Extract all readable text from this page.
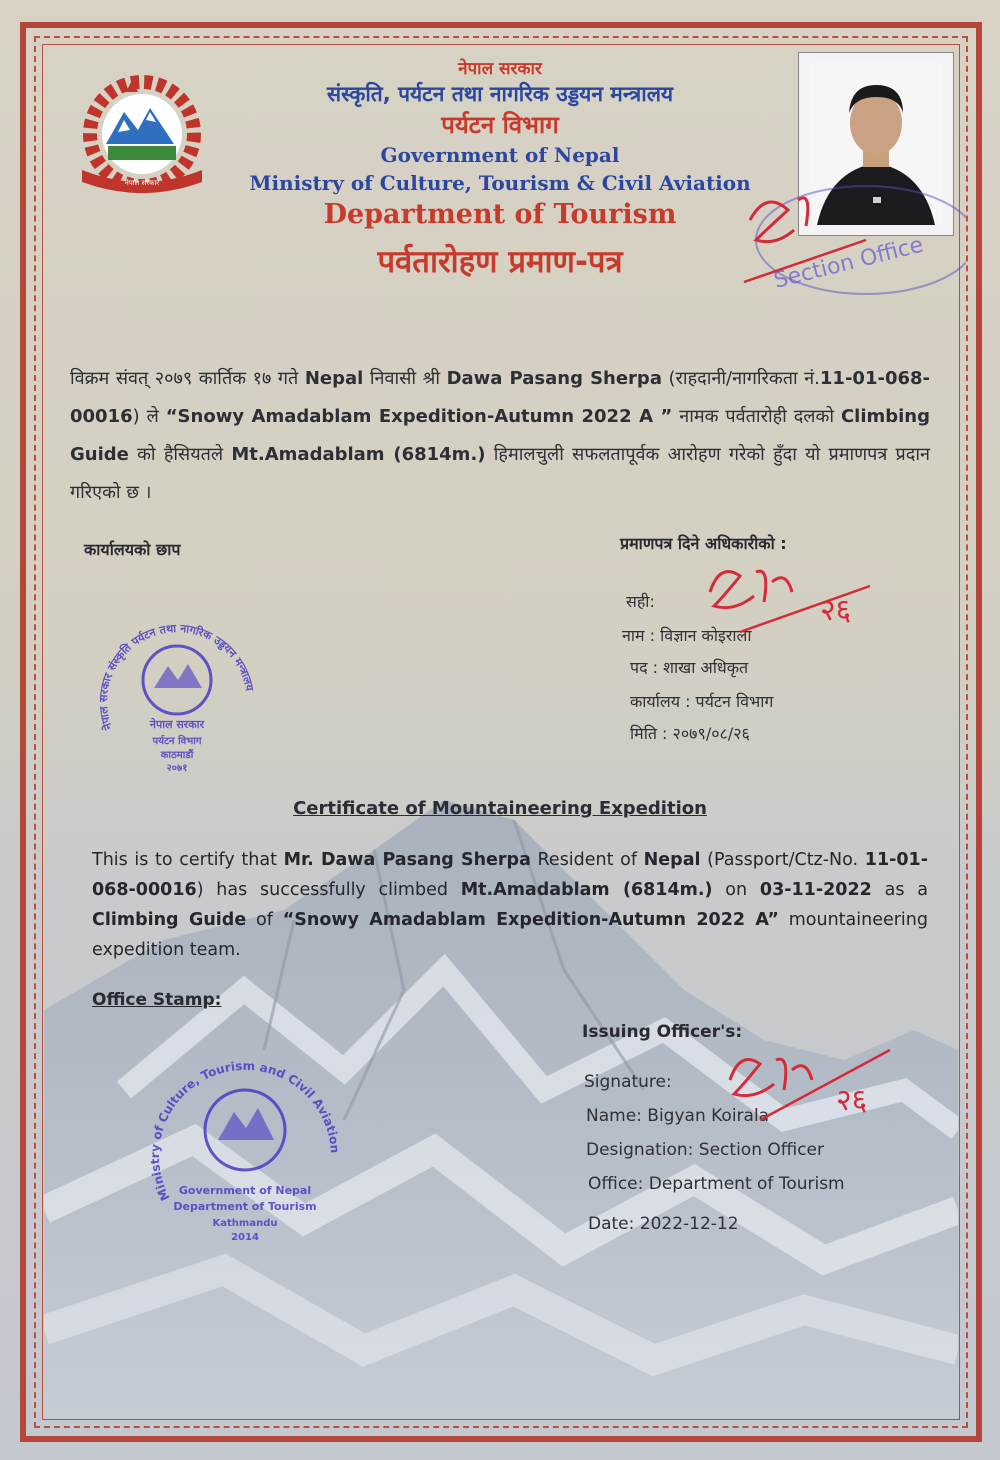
नेपाल सरकार
नेपाल सरकार
संस्कृति, पर्यटन तथा नागरिक उड्डयन मन्त्रालय
पर्यटन विभाग
Government of Nepal
Ministry of Culture, Tourism & Civil Aviation
Department of Tourism
पर्वतारोहण प्रमाण-पत्र	Section Office
विक्रम संवत् २०७९ कार्तिक १७ गते Nepal निवासी श्री Dawa Pasang Sherpa (राहदानी/नागरिकता नं.11-01-068-00016) ले “Snowy Amadablam Expedition-Autumn 2022 A ” नामक पर्वतारोही दलको Climbing Guide को हैसियतले Mt.Amadablam (6814m.) हिमालचुली सफलतापूर्वक आरोहण गरेको हुँदा यो प्रमाणपत्र प्रदान गरिएको छ ।
कार्यालयको छाप	प्रमाणपत्र दिने अधिकारीको :
सही:
नाम : विज्ञान कोइराला
पद : शाखा अधिकृत
कार्यालय : पर्यटन विभाग
मिति : २०७९/०८/२६
२६
नेपाल सरकार संस्कृति पर्यटन तथा नागरिक उड्डयन मन्त्रालय
नेपाल सरकार
पर्यटन विभाग
काठमाडौं
२०७१
Certificate of Mountaineering Expedition
This is to certify that Mr. Dawa Pasang Sherpa Resident of Nepal (Passport/Ctz-No. 11-01-068-00016) has successfully climbed Mt.Amadablam (6814m.) on 03-11-2022 as a Climbing Guide of “Snowy Amadablam Expedition-Autumn 2022 A” mountaineering expedition team.
Office Stamp:
Issuing Officer's:
Signature:
Name: Bigyan Koirala
Designation: Section Officer
Office: Department of Tourism
Date: 2022-12-12
२६
Ministry of Culture, Tourism and Civil Aviation
Government of Nepal
Department of Tourism
Kathmandu
2014
